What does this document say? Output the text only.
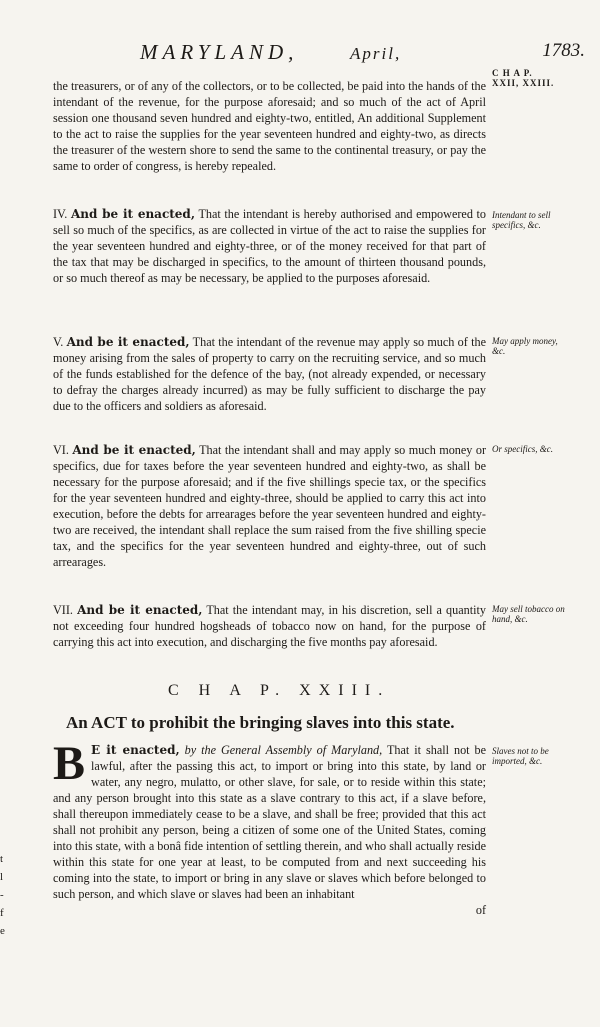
MARYLAND,	April,	1783.
C H A P.
XXII, XXIII.

the treasurers, or of any of the collectors, or to be collected, be paid into the hands of the intendant of the revenue, for the purpose aforesaid; and so much of the act of April session one thousand seven hundred and eighty-two, entitled, An additional Supplement to the act to raise the supplies for the year seventeen hundred and eighty-two, as directs the treasurer of the western shore to send the same to the continental treasury, or pay the same to order of congress, is hereby repealed.

IV. And be it enacted, That the intendant is hereby authorised and empowered to sell so much of the specifics, as are collected in virtue of the act to raise the supplies for the year seventeen hundred and eighty-three, or of the money received for that part of the tax that may be discharged in specifics, to the amount of thirteen thousand pounds, or so much thereof as may be necessary, be applied to the purposes aforesaid.

Intendant to sell specifics, &c.

V. And be it enacted, That the intendant of the revenue may apply so much of the money arising from the sales of property to carry on the recruiting service, and so much of the funds established for the defence of the bay, (not already expended, or necessary to defray the charges already incurred) as may be fully sufficient to discharge the pay due to the officers and soldiers as aforesaid.

May apply money, &c.

VI. And be it enacted, That the intendant shall and may apply so much money or specifics, due for taxes before the year seventeen hundred and eighty-two, as shall be necessary for the purpose aforesaid; and if the five shillings specie tax, or the specifics for the year seventeen hundred and eighty-three, should be applied to carry this act into execution, before the debts for arrearages before the year seventeen hundred and eighty-two are received, the intendant shall replace the sum raised from the five shilling specie tax, and the specifics for the year seventeen hundred and eighty-three, out of such arrearages.

Or specifics, &c.

VII. And be it enacted, That the intendant may, in his discretion, sell a quantity not exceeding four hundred hogsheads of tobacco now on hand, for the purpose of carrying this act into execution, and discharging the five months pay aforesaid.

May sell tobacco on hand, &c.
C H A P. XXIII.
An ACT to prohibit the bringing slaves into this state.

B E it enacted, by the General Assembly of Maryland, That it shall not be lawful, after the passing this act, to import or bring into this state, by land or water, any negro, mulatto, or other slave, for sale, or to reside within this state; and any person brought into this state as a slave contrary to this act, if a slave before, shall thereupon immediately cease to be a slave, and shall be free; provided that this act shall not prohibit any person, being a citizen of some one of the United States, coming into this state, with a bonâ fide intention of settling therein, and who shall actually reside within this state for one year at least, to be computed from and next succeeding his coming into the state, to import or bring in any slave or slaves which before belonged to such person, and which slave or slaves had been an inhabitant

of

Slaves not to be imported, &c.
t
l
-
f
e
